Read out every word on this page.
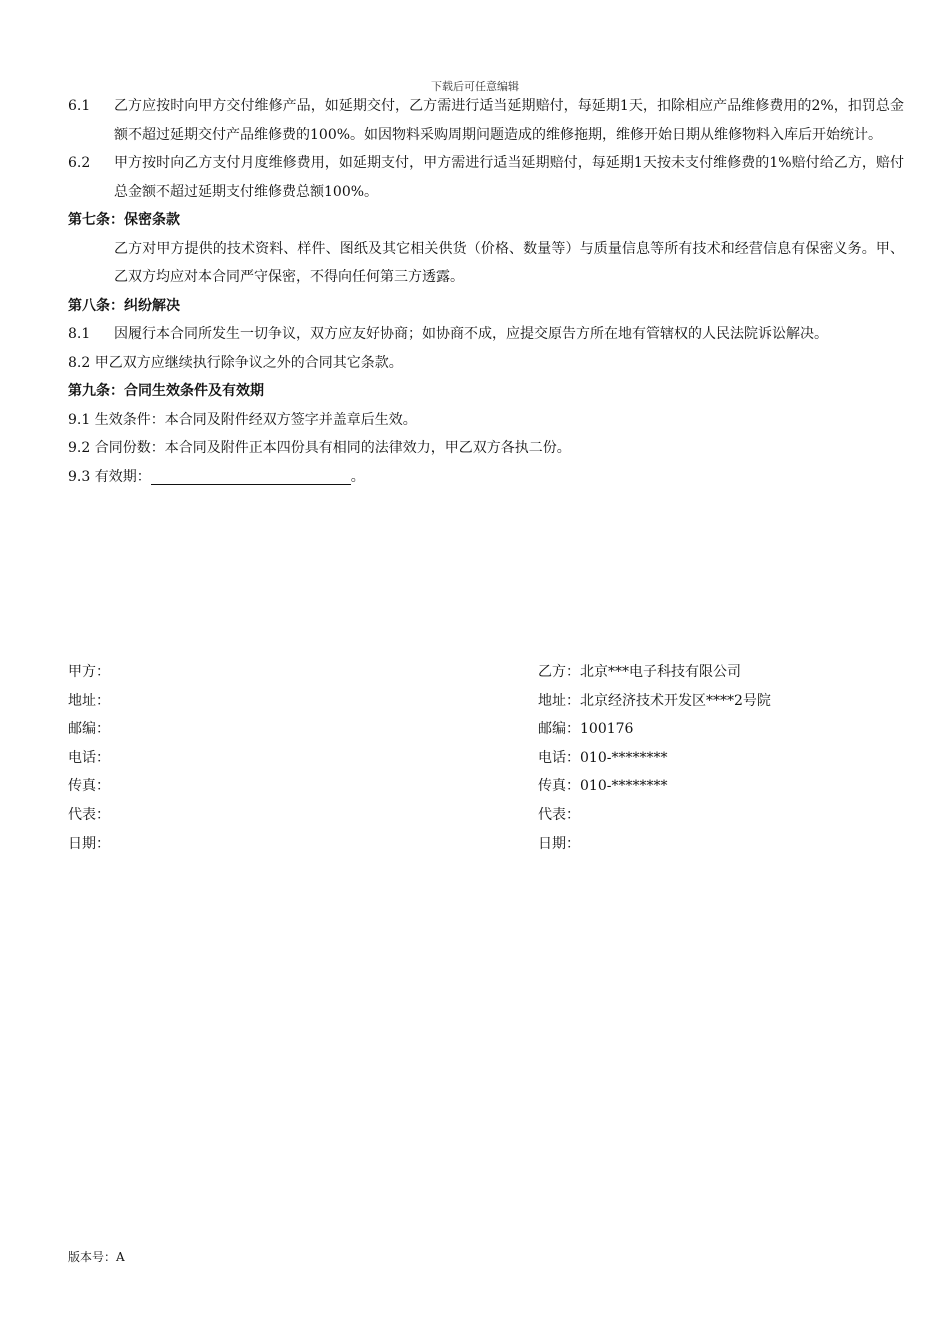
下载后可任意编辑
6.1	乙方应按时向甲方交付维修产品，如延期交付，乙方需进行适当延期赔付，每延期1天，扣除相应产品维修费用的2%，扣罚总金额不超过延期交付产品维修费的100%。如因物料采购周期问题造成的维修拖期，维修开始日期从维修物料入库后开始统计。
6.2	甲方按时向乙方支付月度维修费用，如延期支付，甲方需进行适当延期赔付，每延期1天按未支付维修费的1%赔付给乙方，赔付总金额不超过延期支付维修费总额100%。
第七条：保密条款
乙方对甲方提供的技术资料、样件、图纸及其它相关供货（价格、数量等）与质量信息等所有技术和经营信息有保密义务。甲、乙双方均应对本合同严守保密，不得向任何第三方透露。
第八条：纠纷解决
8.1	因履行本合同所发生一切争议，双方应友好协商；如协商不成，应提交原告方所在地有管辖权的人民法院诉讼解决。
8.2 甲乙双方应继续执行除争议之外的合同其它条款。
第九条：合同生效条件及有效期
9.1 生效条件：本合同及附件经双方签字并盖章后生效。
9.2 合同份数：本合同及附件正本四份具有相同的法律效力，甲乙双方各执二份。
9.3 有效期：	。
甲方：
地址：
邮编：
电话：
传真：
代表：
日期：
乙方：北京***电子科技有限公司
地址：北京经济技术开发区****2号院
邮编：100176
电话：010-********
传真：010-********
代表：
日期：
版本号：A
